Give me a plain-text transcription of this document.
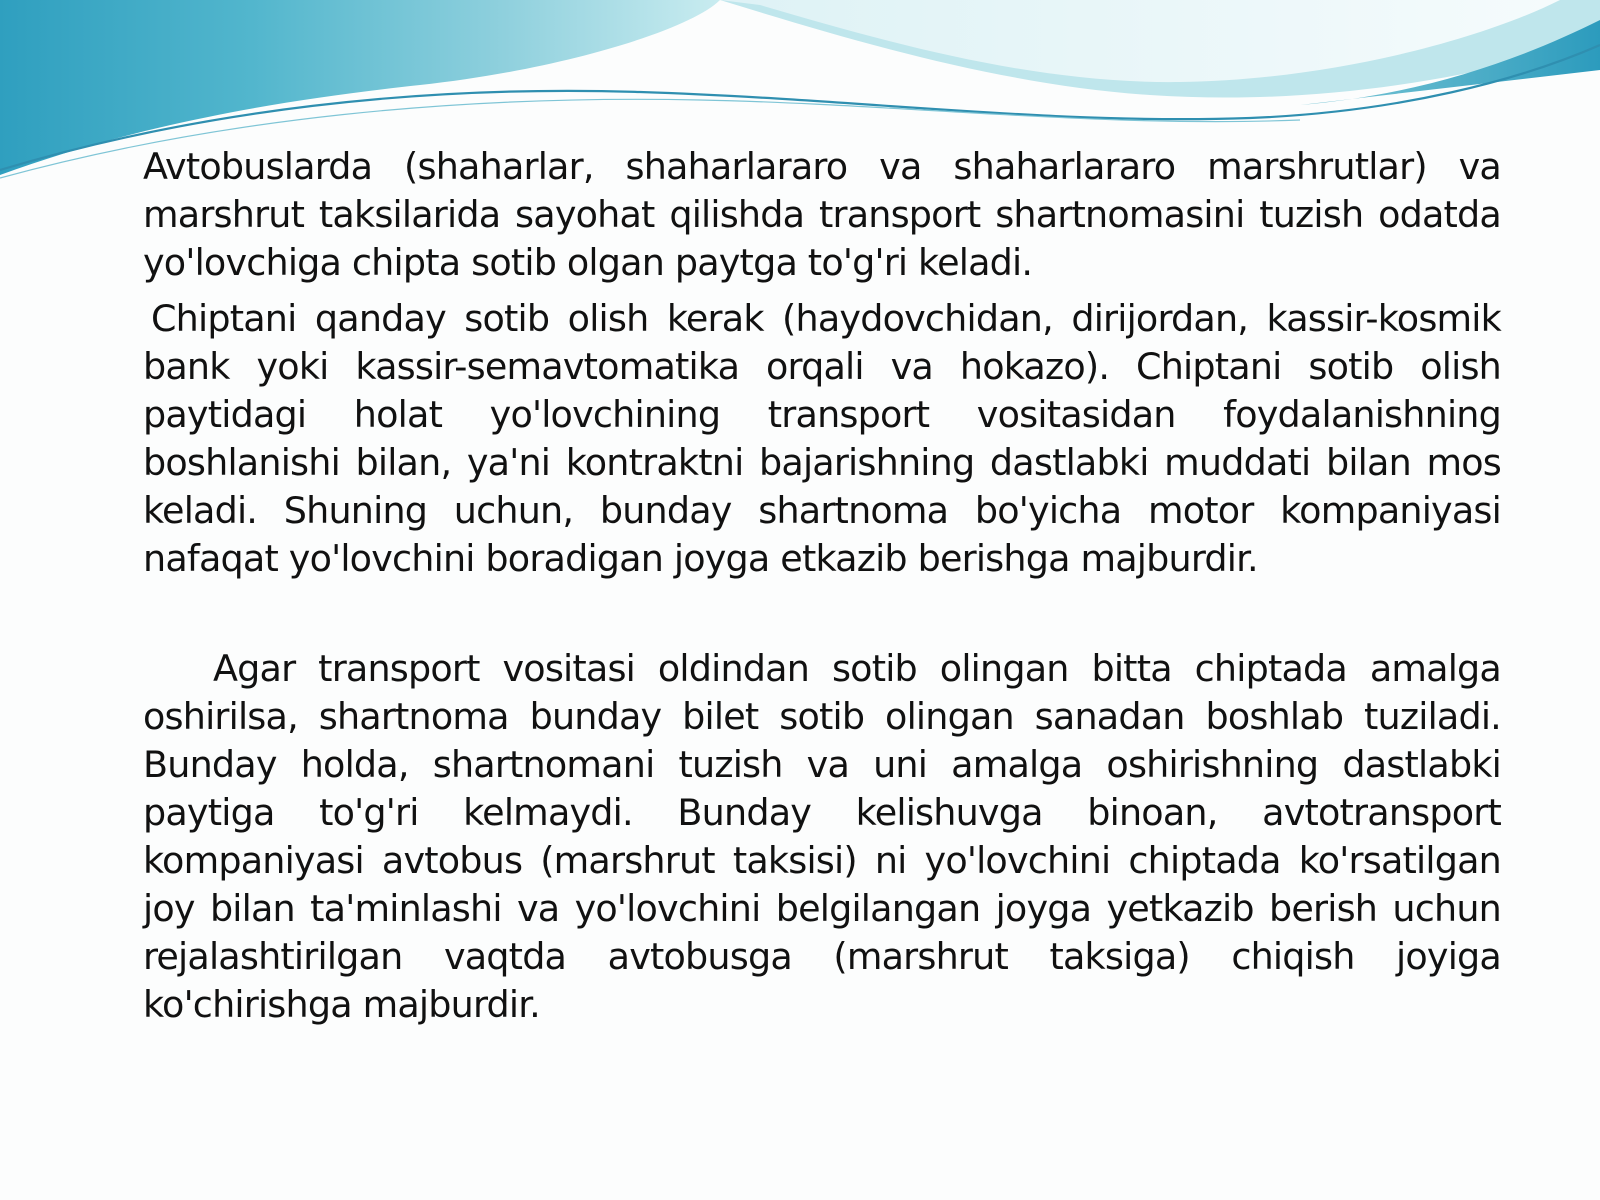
Avtobuslarda (shaharlar, shaharlararo va shaharlararo marshrutlar) va marshrut taksilarida sayohat qilishda transport shartnomasini tuzish odatda yo'lovchiga chipta sotib olgan paytga to'g'ri keladi.

Chiptani qanday sotib olish kerak (haydovchidan, dirijordan, kassir-kosmik bank yoki kassir-semavtomatika orqali va hokazo). Chiptani sotib olish paytidagi holat yo'lovchining transport vositasidan foydalanishning boshlanishi bilan, ya'ni kontraktni bajarishning dastlabki muddati bilan mos keladi. Shuning uchun, bunday shartnoma bo'yicha motor kompaniyasi nafaqat yo'lovchini boradigan joyga etkazib berishga majburdir.

Agar transport vositasi oldindan sotib olingan bitta chiptada amalga oshirilsa, shartnoma bunday bilet sotib olingan sanadan boshlab tuziladi. Bunday holda, shartnomani tuzish va uni amalga oshirishning dastlabki paytiga to'g'ri kelmaydi. Bunday kelishuvga binoan, avtotransport kompaniyasi avtobus (marshrut taksisi) ni yo'lovchini chiptada ko'rsatilgan joy bilan ta'minlashi va yo'lovchini belgilangan joyga yetkazib berish uchun rejalashtirilgan vaqtda avtobusga (marshrut taksiga) chiqish joyiga ko'chirishga majburdir.
